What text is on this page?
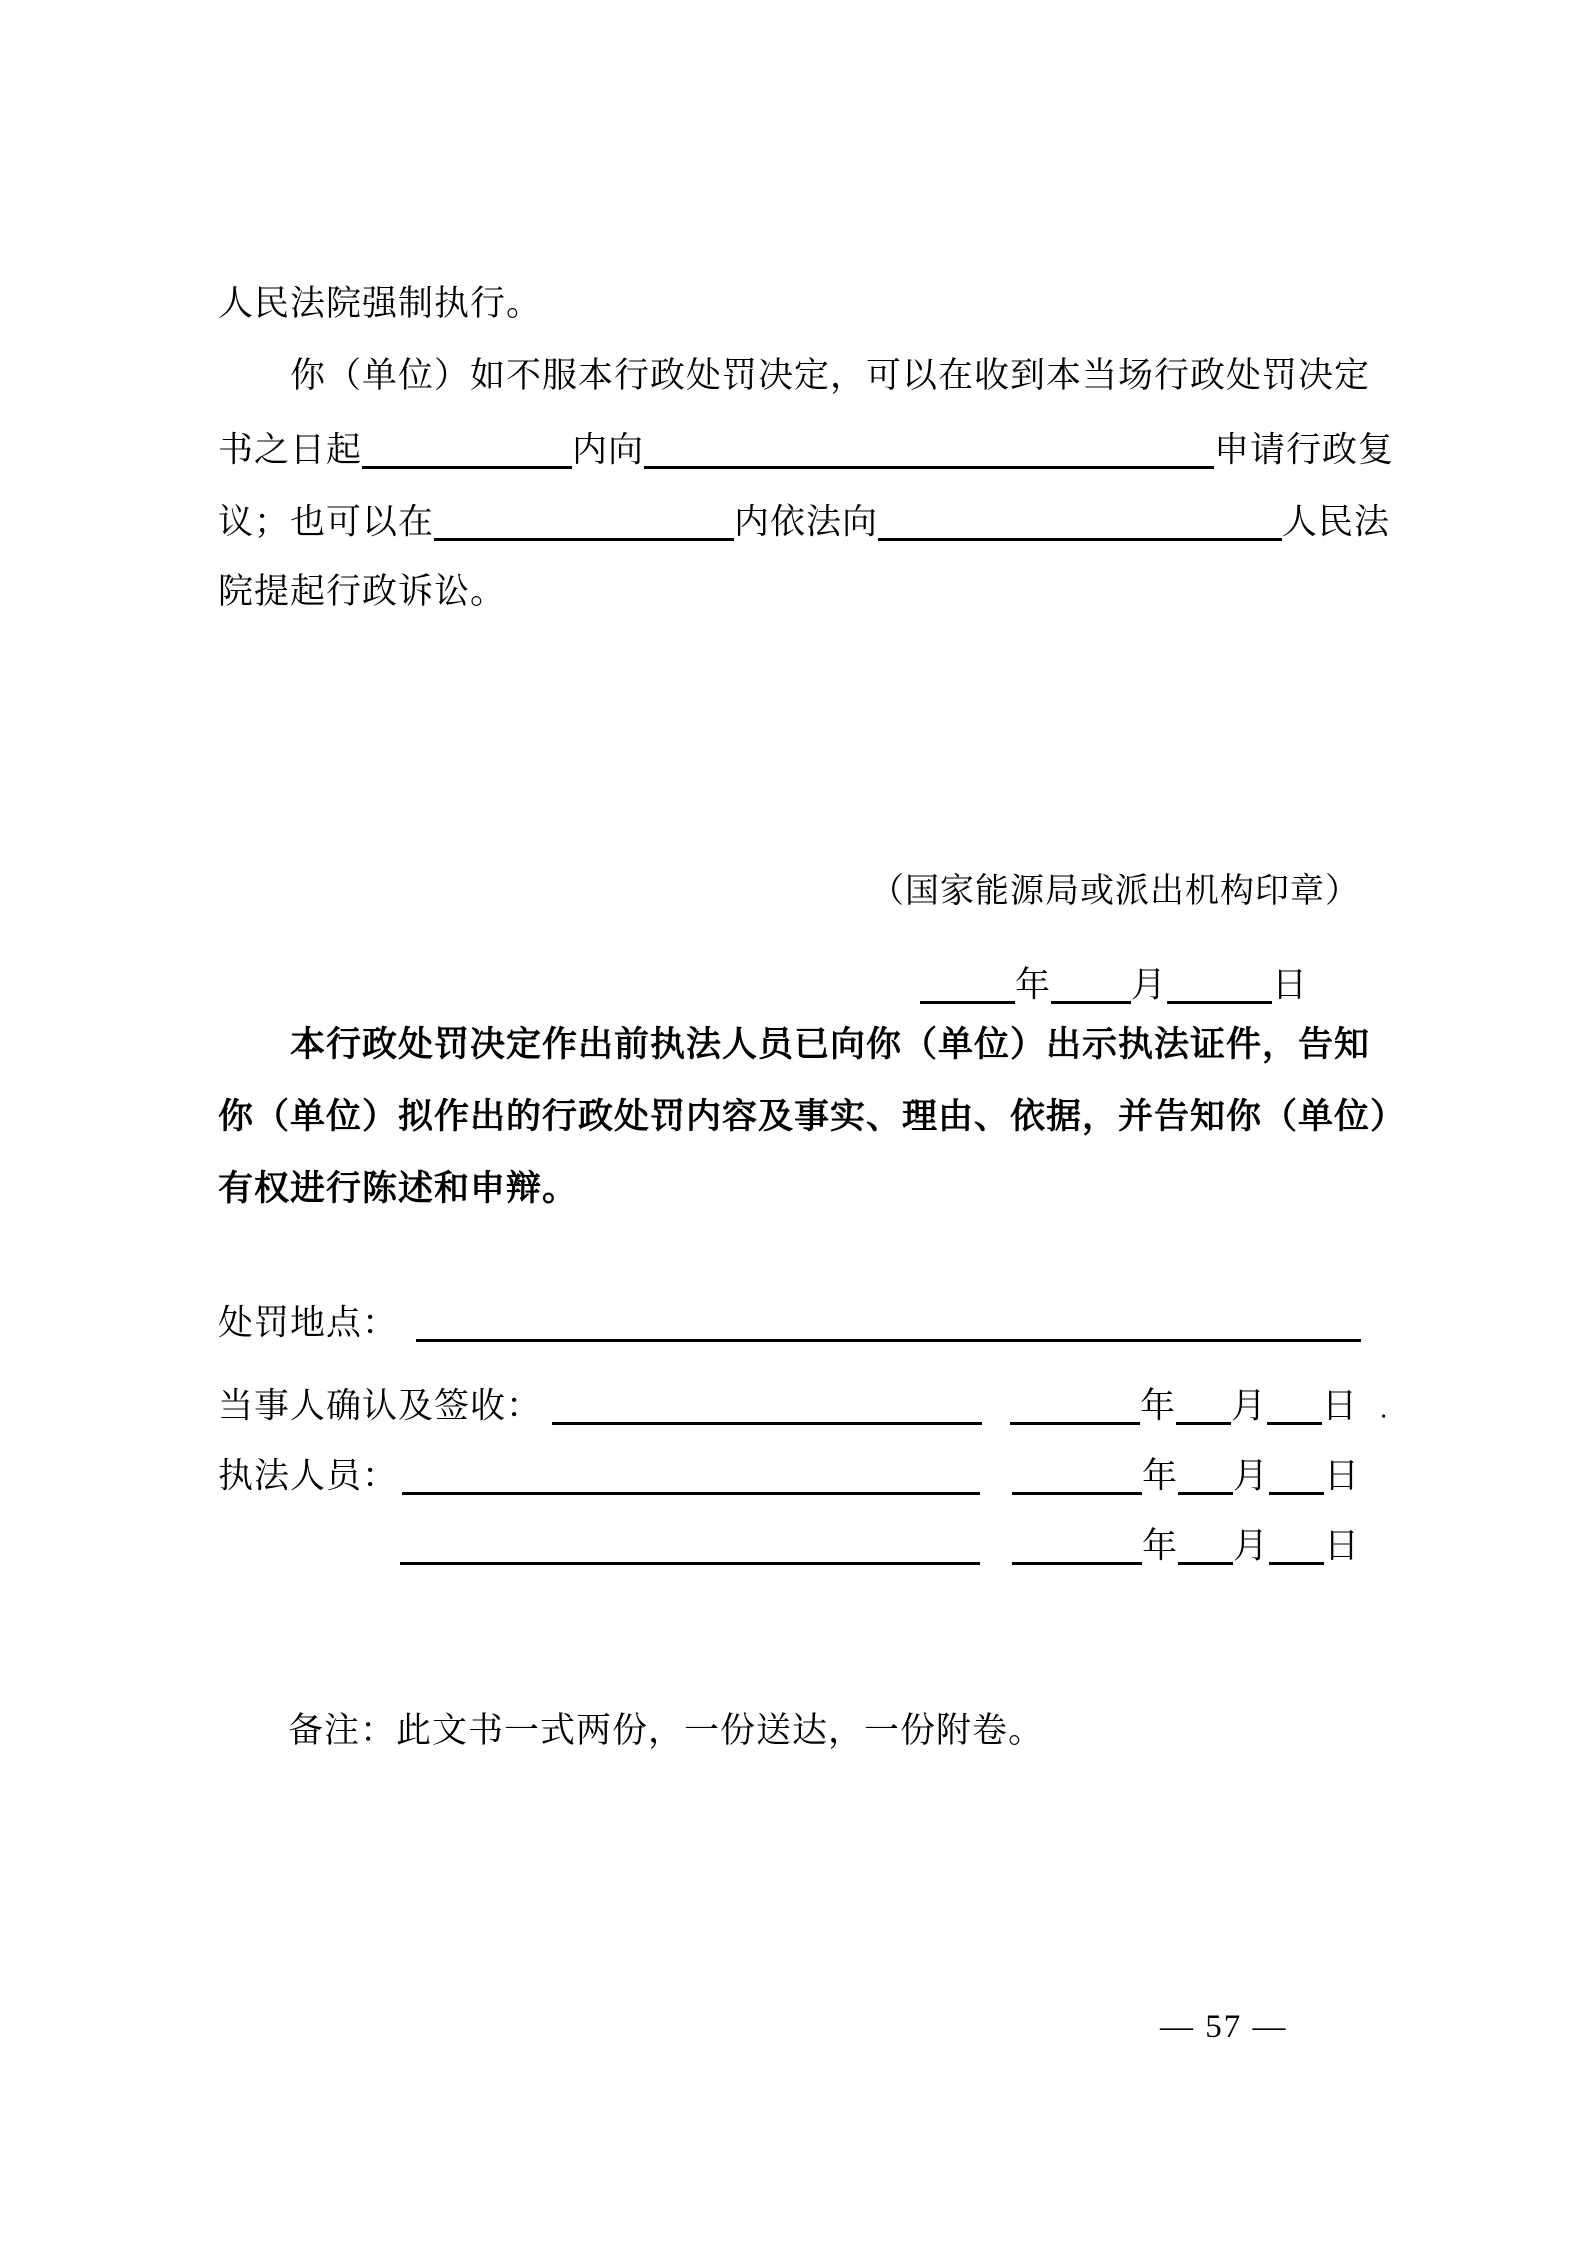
人民法院强制执行。
你（单位）如不服本行政处罚决定，可以在收到本当场行政处罚决定
书之日起	内向	申请行政复
议；也可以在	内依法向	人民法
院提起行政诉讼。
（国家能源局或派出机构印章）
年 月	日
本行政处罚决定作出前执法人员已向你（单位）出示执法证件，告知
你（单位）拟作出的行政处罚内容及事实、理由、依据，并告知你（单位）
有权进行陈述和申辩。
处罚地点：
当事人确认及签收：	年 月 日 .
执法人员：	年 月 日
年 月 日
备注：此文书一式两份，一份送达，一份附卷。
— 57 —
